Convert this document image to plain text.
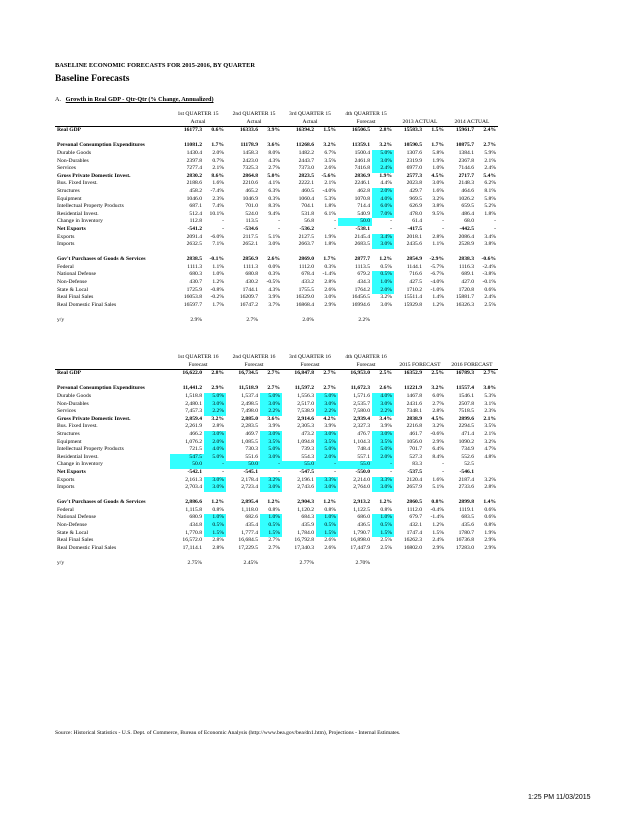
BASELINE ECONOMIC FORECASTS FOR 2015-2016, BY QUARTER
Baseline Forecasts
A. Growth in Real GDP - Qtr-Qtr (% Change, Annualized)
	1st QUARTER 15		2nd QUARTER 15		3rd QUARTER 15		4th QUARTER 15					
	Actual		Actual		Actual		Forecast		2013 ACTUAL		2014 ACTUAL	
Real GDP	16177.3	0.6%	16333.6	3.9%	16394.2	1.5%	16506.5	2.8%	15583.3	1.5%	15961.7	2.4%

Personal Consumption Expenditures	11081.2	1.7%	11178.9	3.6%	11268.6	3.2%	11359.1	3.2%	10590.5	1.7%	10875.7	2.7%
Durable Goods	1430.4	2.0%	1458.3	8.0%	1482.2	6.7%	1500.4	5.0%	1307.6	5.8%	1384.1	5.9%
Non-Durables	2397.8	0.7%	2423.0	4.3%	2443.7	3.5%	2461.8	3.0%	2319.9	1.9%	2367.8	2.1%
Services	7277.4	2.1%	7325.3	2.7%	7373.0	2.6%	7416.8	2.4%	6977.0	1.0%	7144.6	2.4%
Gross Private Domestic Invest.	2830.2	8.6%	2864.8	5.0%	2823.5	-5.6%	2836.9	1.9%	2577.3	4.5%	2717.7	5.4%
Bus. Fixed Invest.	2188.6	1.6%	2210.6	4.1%	2222.1	2.1%	2246.1	4.4%	2023.8	3.0%	2148.3	6.2%
Structures	458.2	-7.4%	465.2	6.3%	460.5	-4.0%	462.8	2.0%	429.7	1.6%	464.6	8.1%
Equipment	1046.0	2.3%	1046.9	0.3%	1060.4	5.3%	1070.8	4.0%	969.5	3.2%	1026.2	5.8%
Intellectual Property Products	687.1	7.4%	701.0	8.3%	704.1	1.8%	714.4	6.0%	626.9	3.8%	659.5	5.2%
Residential Invest.	512.4	10.1%	524.0	9.4%	531.8	6.1%	540.9	7.0%	478.0	9.5%	486.4	1.8%
Change in Inventory	112.8	-	113.5	-	56.8	-	50.0	-	61.4	-	68.0	-
Net Exports	-541.2	-	-534.6	-	-536.2	-	-538.1	-	-417.5	-	-442.5	-
Exports	2091.4	-6.0%	2117.5	5.1%	2127.5	1.9%	2145.4	3.4%	2018.1	2.8%	2086.4	3.4%
Imports	2632.5	7.1%	2652.1	3.0%	2663.7	1.8%	2683.5	3.0%	2435.6	1.1%	2528.9	3.8%

Gov't Purchases of Goods & Services	2838.5	-0.1%	2856.9	2.6%	2869.0	1.7%	2877.7	1.2%	2854.9	-2.9%	2838.3	-0.6%
Federal	1111.3	1.1%	1111.3	0.0%	1112.0	0.3%	1113.5	0.5%	1144.1	-5.7%	1116.3	-2.4%
National Defense	680.3	1.0%	680.8	0.3%	678.4	-1.4%	679.2	0.5%	716.6	-6.7%	689.1	-3.8%
Non-Defense	430.7	1.2%	430.2	-0.5%	433.2	2.8%	434.3	1.0%	427.5	-4.0%	427.0	-0.1%
State & Local	1725.9	-0.8%	1744.1	4.3%	1755.5	2.6%	1764.2	2.0%	1710.2	-1.0%	1720.8	0.6%
Real Final Sales	16053.8	-0.2%	16209.7	3.9%	16329.0	3.0%	16456.5	3.2%	15511.4	1.4%	15881.7	2.4%
Real Domestic Final Sales	16597.7	1.7%	16747.2	3.7%	16868.4	2.9%	16994.6	3.0%	15929.8	1.2%	16326.3	2.5%

y/y	2.9%		2.7%		2.0%		2.2%					
	1st QUARTER 16		2nd QUARTER 16		3rd QUARTER 16		4th QUARTER 16					
	Forecast		Forecast		Forecast		Forecast		2015 FORECAST		2016 FORECAST	
Real GDP	16,622.0	2.8%	16,734.5	2.7%	16,847.8	2.7%	16,953.0	2.5%	16352.9	2.5%	16789.3	2.7%

Personal Consumption Expenditures	11,441.2	2.9%	11,518.9	2.7%	11,597.2	2.7%	11,672.3	2.6%	11221.9	3.2%	11557.4	3.0%
Durable Goods	1,518.8	5.0%	1,537.4	5.0%	1,556.3	5.0%	1,571.6	4.0%	1467.8	6.0%	1546.1	5.3%
Non-Durables	2,480.1	3.0%	2,498.5	3.0%	2,517.0	3.0%	2,535.7	3.0%	2431.6	2.7%	2507.8	3.1%
Services	7,457.3	2.2%	7,498.0	2.2%	7,538.9	2.2%	7,580.0	2.2%	7348.1	2.8%	7518.5	2.3%
Gross Private Domestic Invest.	2,859.4	3.2%	2,885.0	3.6%	2,914.6	4.2%	2,939.4	3.4%	2838.9	4.5%	2899.6	2.1%
Bus. Fixed Invest.	2,261.9	2.8%	2,283.5	3.9%	2,305.3	3.9%	2,327.3	3.9%	2216.8	3.2%	2294.5	3.5%
Structures	466.2	3.0%	469.7	3.0%	473.2	3.0%	476.7	3.0%	461.7	-0.6%	471.4	2.1%
Equipment	1,076.2	2.0%	1,085.5	3.5%	1,094.8	3.5%	1,104.3	3.5%	1056.0	2.9%	1090.2	3.2%
Intellectual Property Products	721.5	4.0%	730.3	5.0%	739.3	5.0%	748.4	5.0%	701.7	6.4%	734.9	4.7%
Residential Invest.	547.5	5.0%	551.6	3.0%	554.3	2.0%	557.1	2.0%	527.3	8.4%	552.6	4.8%
Change in Inventory	50.0	-	50.0	-	55.0	-	55.0	-	83.3	-	52.5	
Net Exports	-542.1	-	-545.1	-	-547.5	-	-550.0	-	-537.5	-	-546.1	
Exports	2,161.3	3.0%	2,178.4	3.2%	2,196.1	3.3%	2,214.0	3.3%	2120.4	1.6%	2187.4	3.2%
Imports	2,703.4	3.0%	2,723.4	3.0%	2,743.6	3.0%	2,764.0	3.0%	2657.9	5.1%	2733.6	2.8%

Gov't Purchases of Goods & Services	2,886.6	1.2%	2,895.4	1.2%	2,904.3	1.2%	2,913.2	1.2%	2860.5	0.8%	2899.8	1.4%
Federal	1,115.8	0.8%	1,118.0	0.8%	1,120.2	0.8%	1,122.5	0.8%	1112.0	-0.4%	1119.1	0.6%
National Defense	680.9	1.0%	682.6	1.0%	684.3	1.0%	686.0	1.0%	679.7	-1.4%	683.5	0.6%
Non-Defense	434.8	0.5%	435.4	0.5%	435.9	0.5%	436.5	0.5%	432.1	1.2%	435.6	0.8%
State & Local	1,770.8	1.5%	1,777.4	1.5%	1,784.0	1.5%	1,790.7	1.5%	1747.4	1.5%	1780.7	1.9%
Real Final Sales	16,572.0	2.8%	16,684.5	2.7%	16,792.8	2.6%	16,898.0	2.5%	16262.3	2.4%	16736.8	2.9%
Real Domestic Final Sales	17,114.1	2.8%	17,229.5	2.7%	17,340.3	2.6%	17,447.9	2.5%	16802.0	2.9%	17283.0	2.9%

y/y	2.75%		2.45%		2.77%		2.70%					
Source: Historical Statistics - U.S. Dept. of Commerce, Bureau of Economic Analysis (http://www.bea.gov/bea/dn1.htm), Projections - Internal Estimates.
1:25 PM 11/03/2015
